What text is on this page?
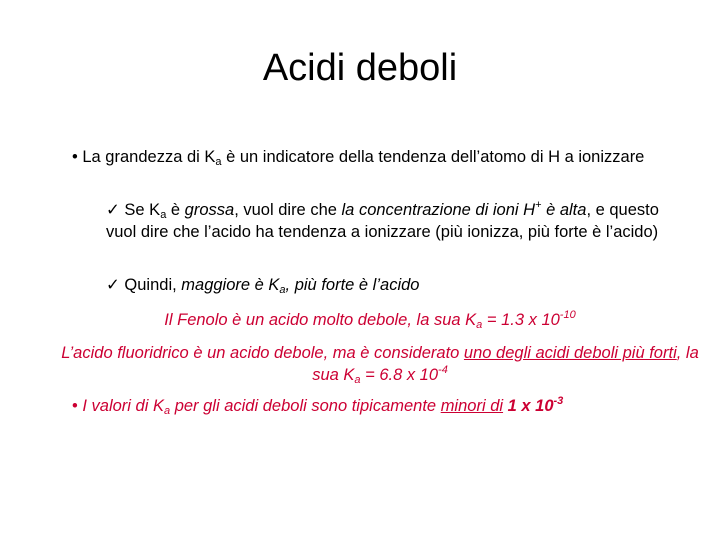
Acidi deboli
• La grandezza di $K_a$ è un indicatore della tendenza dell’atomo di H a ionizzare
✓ Se $K_a$ è grossa, vuol dire che la concentrazione di ioni H+ è alta, e questo vuol dire che l’acido ha tendenza a ionizzare (più ionizza, più forte è l’acido)
✓ Quindi, maggiore è $K_a$, più forte è l’acido
Il Fenolo è un acido molto debole, la sua $K_a = 1.3$ x $10^{-10}$
L’acido fluoridrico è un acido debole, ma è considerato uno degli acidi deboli più forti, la sua $K_a = 6.8$ x $10^{-4}$
• I valori di $K_a$ per gli acidi deboli sono tipicamente minori di 1 x $10^{-3}$
